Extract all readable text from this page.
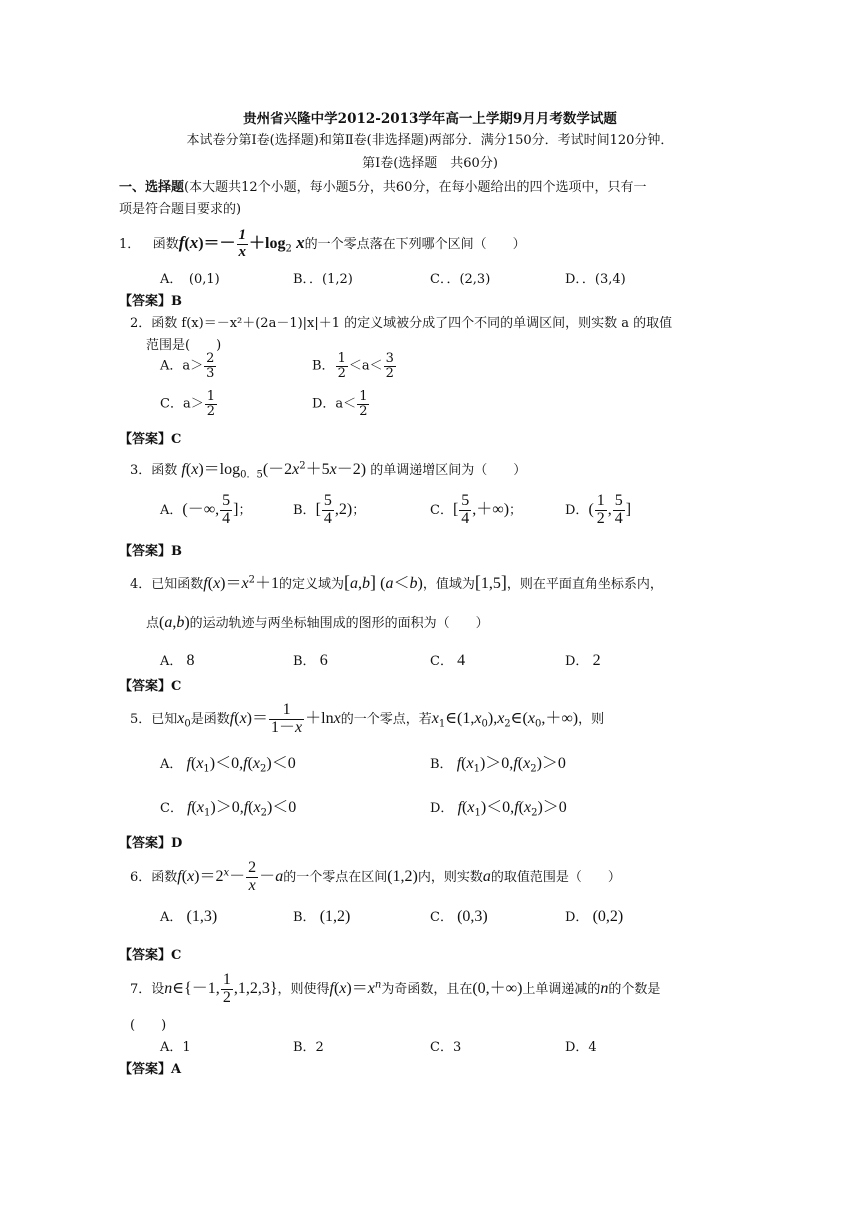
贵州省兴隆中学2012-2013学年高一上学期9月月考数学试题
本试卷分第Ⅰ卷(选择题)和第Ⅱ卷(非选择题)两部分．满分150分．考试时间120分钟．
第Ⅰ卷(选择题　共60分)
一、选择题(本大题共12个小题，每小题5分，共60分，在每小题给出的四个选项中，只有一
项是符合题目要求的)
1． 函数$f(x)=- \frac{1}{x} +\log_2$ x的一个零点落在下列哪个区间（　　）
A．　(0,1)	B．．(1,2)	C．．(2,3)	D．．(3,4)
【答案】B
2．函数 f(x)＝－x²＋(2a－1)|x|＋1 的定义域被分成了四个不同的单调区间，则实数 a 的取值
范围是(　　)
A．$a> \frac{2}{3}$	B． $\frac{1}{2} <a< \frac{3}{2}$
C．$a> \frac{1}{2}$	D．$a< \frac{1}{2}$
【答案】C
3．函数 $f(x)=\log_{0.5}(-2x^2+5x-2)$ 的单调递增区间为（　　）
A．(－∞, $\frac{5}{4}$ ]；	B．[ $\frac{5}{4} ,2$)；	C．[ $\frac{5}{4}$ ,＋∞)；	D．( $\frac{1}{2}$ , $\frac{5}{4}$ ]
【答案】B
4．已知函数$f(x)=x^2+1$的定义域为[a,b] (a＜b)，值域为[1,5]，则在平面直角坐标系内，
点(a,b)的运动轨迹与两坐标轴围成的图形的面积为（　　）
A． 8	B． 6	C． 4	D． 2
【答案】C
5．已知$x_0$是函数$f(x)= \frac{1}{1-x} +\ln x$的一个零点，若$x_1\in(1,x_0),x_2\in(x_0,+\infty)$，则
A． $f(x_1)<0,f(x_2)<0$	B． $f(x_1)>0,f(x_2)>0$
C． $f(x_1)>0,f(x_2)<0$	D． $f(x_1)<0,f(x_2)>0$
【答案】D
6．函数$f(x)=2^x- \frac{2}{x} -a$的一个零点在区间(1,2)内，则实数a的取值范围是（　　）
A． (1,3)	B． (1,2)	C． (0,3)	D． (0,2)
【答案】C
7．设n∈{－1, $\frac{1}{2} ,1,2,3$}，则使得$f(x)=x^n$为奇函数，且在(0,＋∞)上单调递减的n的个数是
(　　)
A．1	B．2	C．3	D．4
【答案】A
